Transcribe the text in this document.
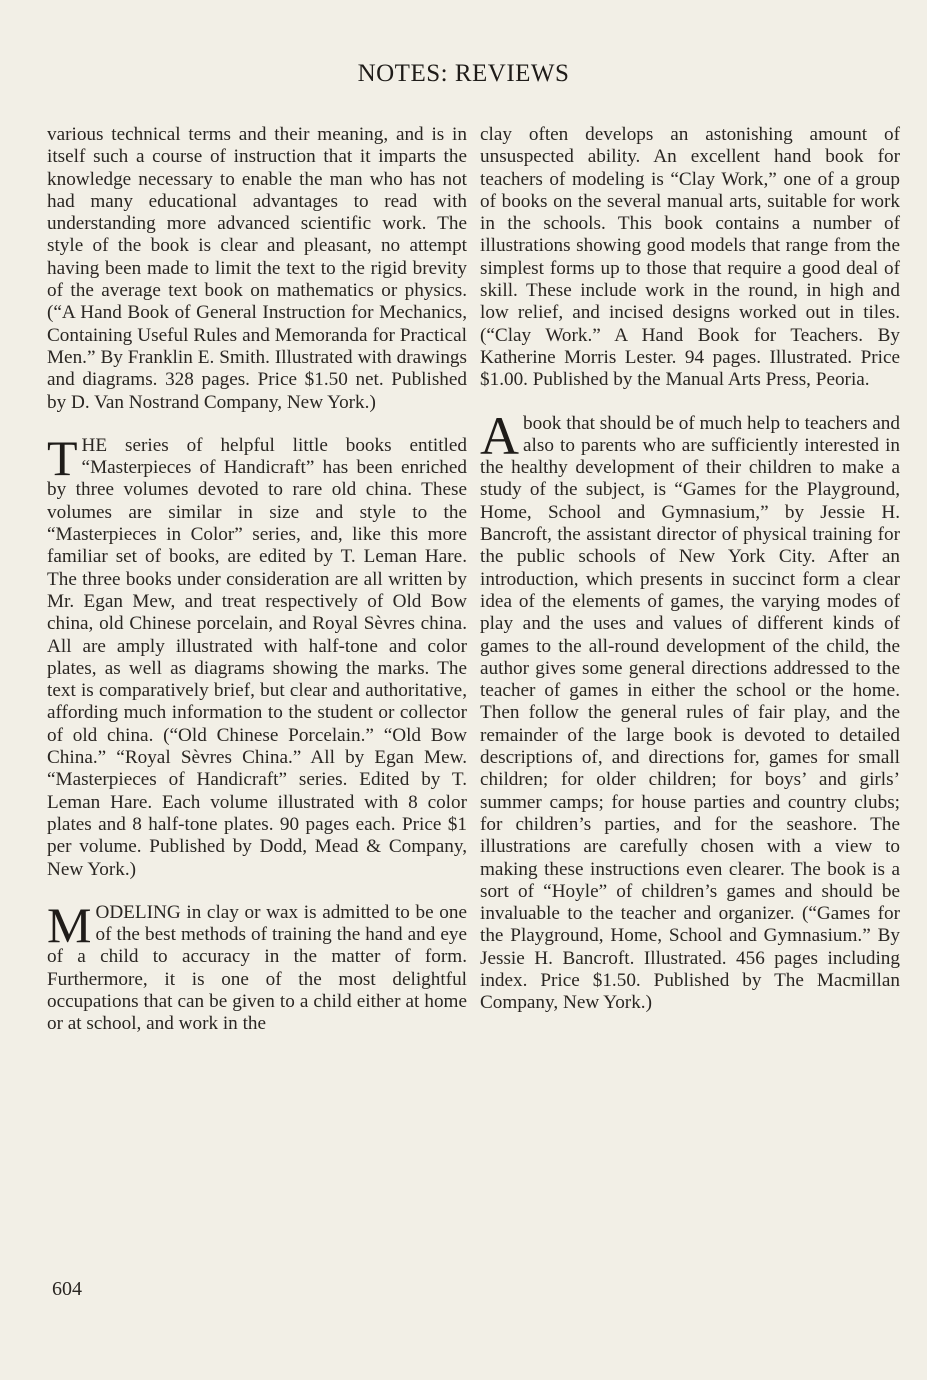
NOTES: REVIEWS

various technical terms and their meaning, and is in itself such a course of instruction that it imparts the knowledge necessary to enable the man who has not had many educational advantages to read with understanding more advanced scientific work. The style of the book is clear and pleasant, no attempt having been made to limit the text to the rigid brevity of the average text book on mathematics or physics. (“A Hand Book of General Instruction for Mechanics, Containing Useful Rules and Memoranda for Practical Men.” By Franklin E. Smith. Illustrated with drawings and diagrams. 328 pages. Price $1.50 net. Published by D. Van Nostrand Company, New York.)

THE series of helpful little books entitled “Masterpieces of Handicraft” has been enriched by three volumes devoted to rare old china. These volumes are similar in size and style to the “Masterpieces in Color” series, and, like this more familiar set of books, are edited by T. Leman Hare. The three books under consideration are all written by Mr. Egan Mew, and treat respectively of Old Bow china, old Chinese porcelain, and Royal Sèvres china. All are amply illustrated with half-tone and color plates, as well as diagrams showing the marks. The text is comparatively brief, but clear and authoritative, affording much information to the student or collector of old china. (“Old Chinese Porcelain.” “Old Bow China.” “Royal Sèvres China.” All by Egan Mew. “Masterpieces of Handicraft” series. Edited by T. Leman Hare. Each volume illustrated with 8 color plates and 8 half-tone plates. 90 pages each. Price $1 per volume. Published by Dodd, Mead & Company, New York.)

MODELING in clay or wax is admitted to be one of the best methods of training the hand and eye of a child to accuracy in the matter of form. Furthermore, it is one of the most delightful occupations that can be given to a child either at home or at school, and work in the

clay often develops an astonishing amount of unsuspected ability. An excellent hand book for teachers of modeling is “Clay Work,” one of a group of books on the several manual arts, suitable for work in the schools. This book contains a number of illustrations showing good models that range from the simplest forms up to those that require a good deal of skill. These include work in the round, in high and low relief, and incised designs worked out in tiles. (“Clay Work.” A Hand Book for Teachers. By Katherine Morris Lester. 94 pages. Illustrated. Price $1.00. Published by the Manual Arts Press, Peoria.

Abook that should be of much help to teachers and also to parents who are sufficiently interested in the healthy development of their children to make a study of the subject, is “Games for the Playground, Home, School and Gymnasium,” by Jessie H. Bancroft, the assistant director of physical training for the public schools of New York City. After an introduction, which presents in succinct form a clear idea of the elements of games, the varying modes of play and the uses and values of different kinds of games to the all-round development of the child, the author gives some general directions addressed to the teacher of games in either the school or the home. Then follow the general rules of fair play, and the remainder of the large book is devoted to detailed descriptions of, and directions for, games for small children; for older children; for boys’ and girls’ summer camps; for house parties and country clubs; for children’s parties, and for the seashore. The illustrations are carefully chosen with a view to making these instructions even clearer. The book is a sort of “Hoyle” of children’s games and should be invaluable to the teacher and organizer. (“Games for the Playground, Home, School and Gymnasium.” By Jessie H. Bancroft. Illustrated. 456 pages including index. Price $1.50. Published by The Macmillan Company, New York.)

604
